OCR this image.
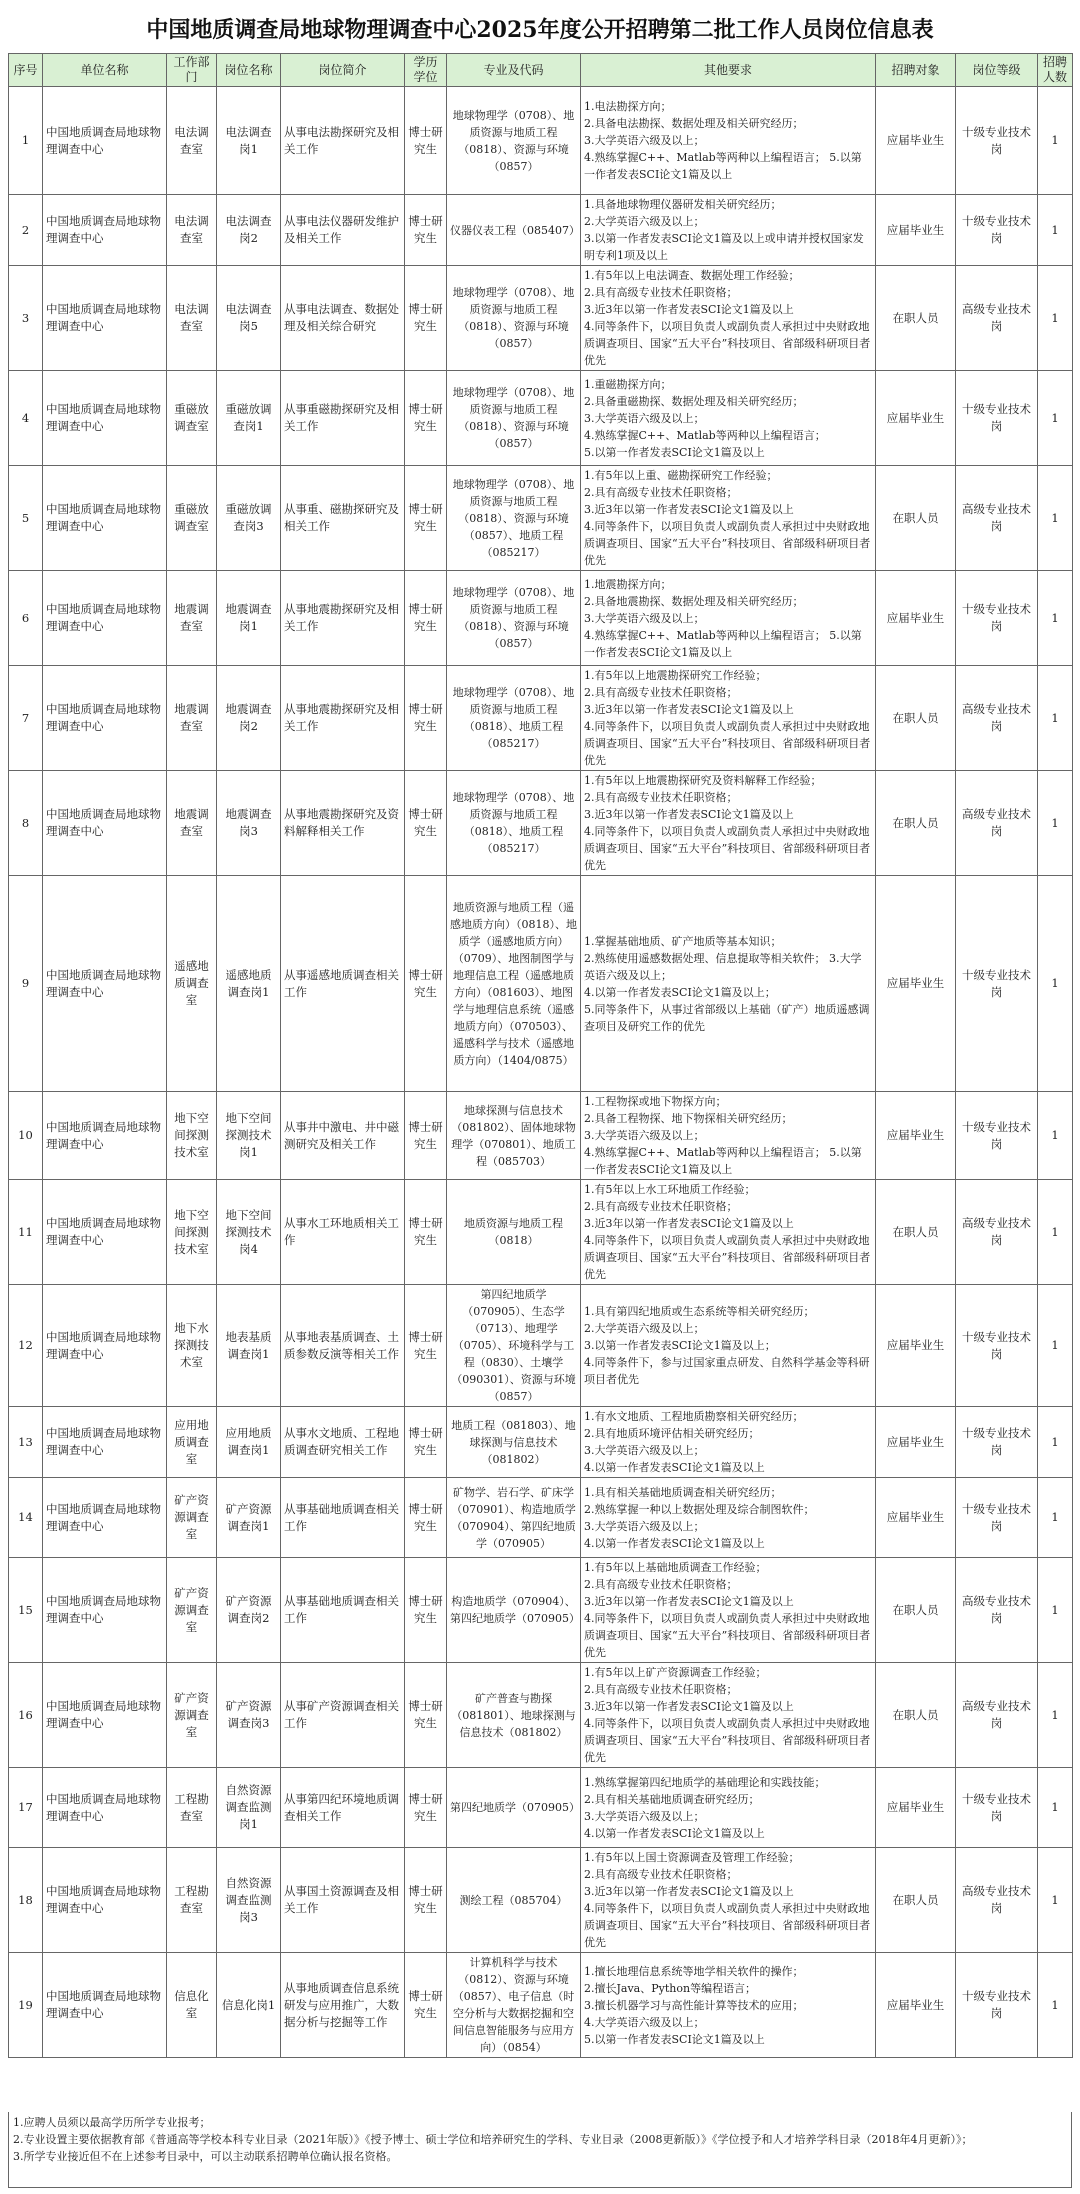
中国地质调查局地球物理调查中心2025年度公开招聘第二批工作人员岗位信息表
序号	单位名称	工作部门	岗位名称	岗位简介	学历学位	专业及代码	其他要求	招聘对象	岗位等级	招聘人数
1	中国地质调查局地球物理调查中心	电法调查室	电法调查岗1	从事电法勘探研究及相关工作	博士研究生	地球物理学（0708）、地质资源与地质工程（0818）、资源与环境（0857）	1.电法勘探方向；
2.具备电法勘探、数据处理及相关研究经历；
3.大学英语六级及以上；
4.熟练掌握C++、Matlab等两种以上编程语言； 5.以第一作者发表SCI论文1篇及以上	应届毕业生	十级专业技术岗	1
2	中国地质调查局地球物理调查中心	电法调查室	电法调查岗2	从事电法仪器研发维护及相关工作	博士研究生	仪器仪表工程（085407）	1.具备地球物理仪器研发相关研究经历；
2.大学英语六级及以上；
3.以第一作者发表SCI论文1篇及以上或申请并授权国家发明专利1项及以上	应届毕业生	十级专业技术岗	1
3	中国地质调查局地球物理调查中心	电法调查室	电法调查岗5	从事电法调查、数据处理及相关综合研究	博士研究生	地球物理学（0708）、地质资源与地质工程（0818）、资源与环境（0857）	1.有5年以上电法调查、数据处理工作经验；
2.具有高级专业技术任职资格；
3.近3年以第一作者发表SCI论文1篇及以上
4.同等条件下，以项目负责人或副负责人承担过中央财政地质调查项目、国家“五大平台”科技项目、省部级科研项目者优先	在职人员	高级专业技术岗	1
4	中国地质调查局地球物理调查中心	重磁放调查室	重磁放调查岗1	从事重磁勘探研究及相关工作	博士研究生	地球物理学（0708）、地质资源与地质工程（0818）、资源与环境（0857）	1.重磁勘探方向；
2.具备重磁勘探、数据处理及相关研究经历；
3.大学英语六级及以上；
4.熟练掌握C++、Matlab等两种以上编程语言；
5.以第一作者发表SCI论文1篇及以上	应届毕业生	十级专业技术岗	1
5	中国地质调查局地球物理调查中心	重磁放调查室	重磁放调查岗3	从事重、磁勘探研究及相关工作	博士研究生	地球物理学（0708）、地质资源与地质工程（0818）、资源与环境（0857）、地质工程（085217）	1.有5年以上重、磁勘探研究工作经验；
2.具有高级专业技术任职资格；
3.近3年以第一作者发表SCI论文1篇及以上
4.同等条件下，以项目负责人或副负责人承担过中央财政地质调查项目、国家“五大平台”科技项目、省部级科研项目者优先	在职人员	高级专业技术岗	1
6	中国地质调查局地球物理调查中心	地震调查室	地震调查岗1	从事地震勘探研究及相关工作	博士研究生	地球物理学（0708）、地质资源与地质工程（0818）、资源与环境（0857）	1.地震勘探方向；
2.具备地震勘探、数据处理及相关研究经历；
3.大学英语六级及以上；
4.熟练掌握C++、Matlab等两种以上编程语言； 5.以第一作者发表SCI论文1篇及以上	应届毕业生	十级专业技术岗	1
7	中国地质调查局地球物理调查中心	地震调查室	地震调查岗2	从事地震勘探研究及相关工作	博士研究生	地球物理学（0708）、地质资源与地质工程（0818）、地质工程（085217）	1.有5年以上地震勘探研究工作经验；
2.具有高级专业技术任职资格；
3.近3年以第一作者发表SCI论文1篇及以上
4.同等条件下，以项目负责人或副负责人承担过中央财政地质调查项目、国家“五大平台”科技项目、省部级科研项目者优先	在职人员	高级专业技术岗	1
8	中国地质调查局地球物理调查中心	地震调查室	地震调查岗3	从事地震勘探研究及资料解释相关工作	博士研究生	地球物理学（0708）、地质资源与地质工程（0818）、地质工程（085217）	1.有5年以上地震勘探研究及资料解释工作经验；
2.具有高级专业技术任职资格；
3.近3年以第一作者发表SCI论文1篇及以上
4.同等条件下，以项目负责人或副负责人承担过中央财政地质调查项目、国家“五大平台”科技项目、省部级科研项目者优先	在职人员	高级专业技术岗	1
9	中国地质调查局地球物理调查中心	遥感地质调查室	遥感地质调查岗1	从事遥感地质调查相关工作	博士研究生	地质资源与地质工程（遥感地质方向）（0818）、地质学（遥感地质方向）（0709）、地图制图学与地理信息工程（遥感地质方向）（081603）、地图学与地理信息系统（遥感地质方向）（070503）、遥感科学与技术（遥感地质方向）（1404/0875）	1.掌握基础地质、矿产地质等基本知识；
2.熟练使用遥感数据处理、信息提取等相关软件； 3.大学英语六级及以上；
4.以第一作者发表SCI论文1篇及以上；
5.同等条件下，从事过省部级以上基础（矿产）地质遥感调查项目及研究工作的优先	应届毕业生	十级专业技术岗	1
10	中国地质调查局地球物理调查中心	地下空间探测技术室	地下空间探测技术岗1	从事井中激电、井中磁测研究及相关工作	博士研究生	地球探测与信息技术（081802）、固体地球物理学（070801）、地质工程（085703）	1.工程物探或地下物探方向；
2.具备工程物探、地下物探相关研究经历；
3.大学英语六级及以上；
4.熟练掌握C++、Matlab等两种以上编程语言； 5.以第一作者发表SCI论文1篇及以上	应届毕业生	十级专业技术岗	1
11	中国地质调查局地球物理调查中心	地下空间探测技术室	地下空间探测技术岗4	从事水工环地质相关工作	博士研究生	地质资源与地质工程（0818）	1.有5年以上水工环地质工作经验；
2.具有高级专业技术任职资格；
3.近3年以第一作者发表SCI论文1篇及以上
4.同等条件下，以项目负责人或副负责人承担过中央财政地质调查项目、国家“五大平台”科技项目、省部级科研项目者优先	在职人员	高级专业技术岗	1
12	中国地质调查局地球物理调查中心	地下水探测技术室	地表基质调查岗1	从事地表基质调查、土质参数反演等相关工作	博士研究生	第四纪地质学（070905）、生态学（0713）、地理学（0705）、环境科学与工程（0830）、土壤学（090301）、资源与环境（0857）	1.具有第四纪地质或生态系统等相关研究经历；
2.大学英语六级及以上；
3.以第一作者发表SCI论文1篇及以上；
4.同等条件下，参与过国家重点研发、自然科学基金等科研项目者优先	应届毕业生	十级专业技术岗	1
13	中国地质调查局地球物理调查中心	应用地质调查室	应用地质调查岗1	从事水文地质、工程地质调查研究相关工作	博士研究生	地质工程（081803）、地球探测与信息技术（081802）	1.有水文地质、工程地质勘察相关研究经历；
2.具有地质环境评估相关研究经历；
3.大学英语六级及以上；
4.以第一作者发表SCI论文1篇及以上	应届毕业生	十级专业技术岗	1
14	中国地质调查局地球物理调查中心	矿产资源调查室	矿产资源调查岗1	从事基础地质调查相关工作	博士研究生	矿物学、岩石学、矿床学（070901）、构造地质学（070904）、第四纪地质学（070905）	1.具有相关基础地质调查相关研究经历；
2.熟练掌握一种以上数据处理及综合制图软件；
3.大学英语六级及以上；
4.以第一作者发表SCI论文1篇及以上	应届毕业生	十级专业技术岗	1
15	中国地质调查局地球物理调查中心	矿产资源调查室	矿产资源调查岗2	从事基础地质调查相关工作	博士研究生	构造地质学（070904）、第四纪地质学（070905）	1.有5年以上基础地质调查工作经验；
2.具有高级专业技术任职资格；
3.近3年以第一作者发表SCI论文1篇及以上
4.同等条件下，以项目负责人或副负责人承担过中央财政地质调查项目、国家“五大平台”科技项目、省部级科研项目者优先	在职人员	高级专业技术岗	1
16	中国地质调查局地球物理调查中心	矿产资源调查室	矿产资源调查岗3	从事矿产资源调查相关工作	博士研究生	矿产普查与勘探（081801）、地球探测与信息技术（081802）	1.有5年以上矿产资源调查工作经验；
2.具有高级专业技术任职资格；
3.近3年以第一作者发表SCI论文1篇及以上
4.同等条件下，以项目负责人或副负责人承担过中央财政地质调查项目、国家“五大平台”科技项目、省部级科研项目者优先	在职人员	高级专业技术岗	1
17	中国地质调查局地球物理调查中心	工程勘查室	自然资源调查监测岗1	从事第四纪环境地质调查相关工作	博士研究生	第四纪地质学（070905）	1.熟练掌握第四纪地质学的基础理论和实践技能；
2.具有相关基础地质调查研究经历；
3.大学英语六级及以上；
4.以第一作者发表SCI论文1篇及以上	应届毕业生	十级专业技术岗	1
18	中国地质调查局地球物理调查中心	工程勘查室	自然资源调查监测岗3	从事国土资源调查及相关工作	博士研究生	测绘工程（085704）	1.有5年以上国土资源调查及管理工作经验；
2.具有高级专业技术任职资格；
3.近3年以第一作者发表SCI论文1篇及以上
4.同等条件下，以项目负责人或副负责人承担过中央财政地质调查项目、国家“五大平台”科技项目、省部级科研项目者优先	在职人员	高级专业技术岗	1
19	中国地质调查局地球物理调查中心	信息化室	信息化岗1	从事地质调查信息系统研发与应用推广，大数据分析与挖掘等工作	博士研究生	计算机科学与技术（0812）、资源与环境（0857）、电子信息（时空分析与大数据挖掘和空间信息智能服务与应用方向）（0854）	1.擅长地理信息系统等地学相关软件的操作；
2.擅长Java、Python等编程语言；
3.擅长机器学习与高性能计算等技术的应用；
4.大学英语六级及以上；
5.以第一作者发表SCI论文1篇及以上	应届毕业生	十级专业技术岗	1
1.应聘人员须以最高学历所学专业报考；
2.专业设置主要依据教育部《普通高等学校本科专业目录（2021年版）》《授予博士、硕士学位和培养研究生的学科、专业目录（2008更新版）》《学位授予和人才培养学科目录（2018年4月更新）》；
3.所学专业接近但不在上述参考目录中，可以主动联系招聘单位确认报名资格。
